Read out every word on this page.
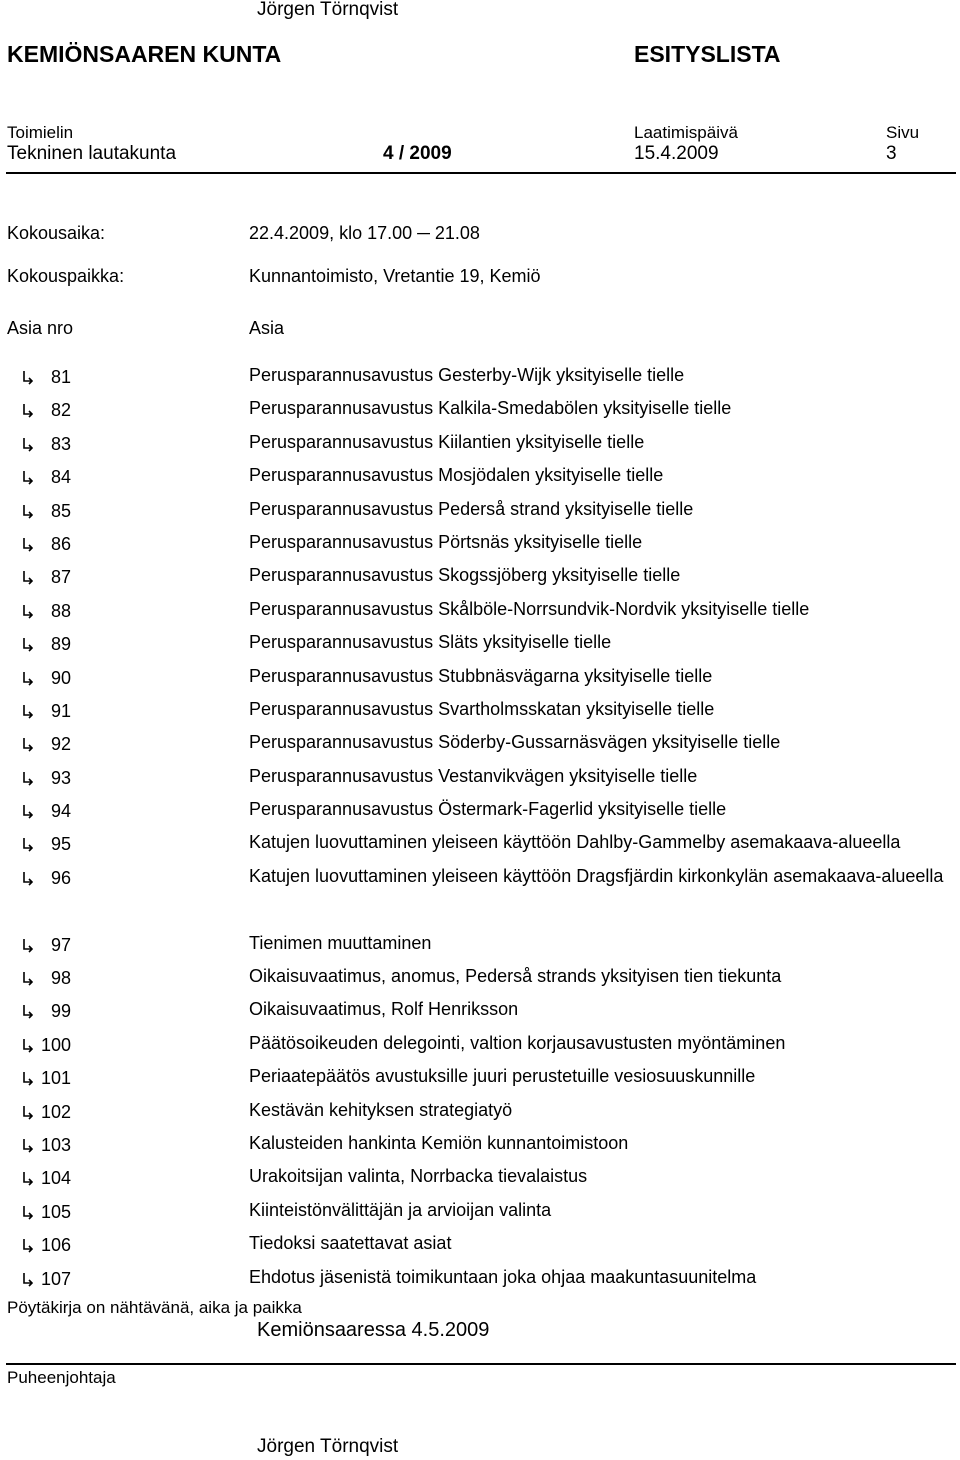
Jörgen Törnqvist
KEMIÖNSAAREN KUNTA	ESITYSLISTA
Toimielin
Tekninen lautakunta	4 / 2009
Laatimispäivä
15.4.2009
Sivu
3
Kokousaika:	22.4.2009, klo 17.00 ─ 21.08
Kokouspaikka:	Kunnantoimisto, Vretantie 19, Kemiö
Asia nro	Asia
81	Perusparannusavustus Gesterby-Wijk yksityiselle tielle
82	Perusparannusavustus Kalkila-Smedabölen yksityiselle tielle
83	Perusparannusavustus Kiilantien yksityiselle tielle
84	Perusparannusavustus Mosjödalen yksityiselle tielle
85	Perusparannusavustus Pederså strand yksityiselle tielle
86	Perusparannusavustus Pörtsnäs yksityiselle tielle
87	Perusparannusavustus Skogssjöberg yksityiselle tielle
88	Perusparannusavustus Skålböle-Norrsundvik-Nordvik yksityiselle tielle
89	Perusparannusavustus Släts yksityiselle tielle
90	Perusparannusavustus Stubbnäsvägarna yksityiselle tielle
91	Perusparannusavustus Svartholmsskatan yksityiselle tielle
92	Perusparannusavustus Söderby-Gussarnäsvägen yksityiselle tielle
93	Perusparannusavustus Vestanvikvägen yksityiselle tielle
94	Perusparannusavustus Östermark-Fagerlid yksityiselle tielle
95	Katujen luovuttaminen yleiseen käyttöön Dahlby-Gammelby asemakaava-alueella
96	Katujen luovuttaminen yleiseen käyttöön Dragsfjärdin kirkonkylän asemakaava-alueella
97	Tienimen muuttaminen
98	Oikaisuvaatimus, anomus, Pederså strands yksityisen tien tiekunta
99	Oikaisuvaatimus, Rolf Henriksson
100	Päätösoikeuden delegointi, valtion korjausavustusten myöntäminen
101	Periaatepäätös avustuksille juuri perustetuille vesiosuuskunnille
102	Kestävän kehityksen strategiatyö
103	Kalusteiden hankinta Kemiön kunnantoimistoon
104	Urakoitsijan valinta, Norrbacka tievalaistus
105	Kiinteistönvälittäjän ja arvioijan valinta
106	Tiedoksi saatettavat asiat
107	Ehdotus jäsenistä toimikuntaan joka ohjaa maakuntasuunitelma
Pöytäkirja on nähtävänä, aika ja paikka
Kemiönsaaressa 4.5.2009
Puheenjohtaja
Jörgen Törnqvist
